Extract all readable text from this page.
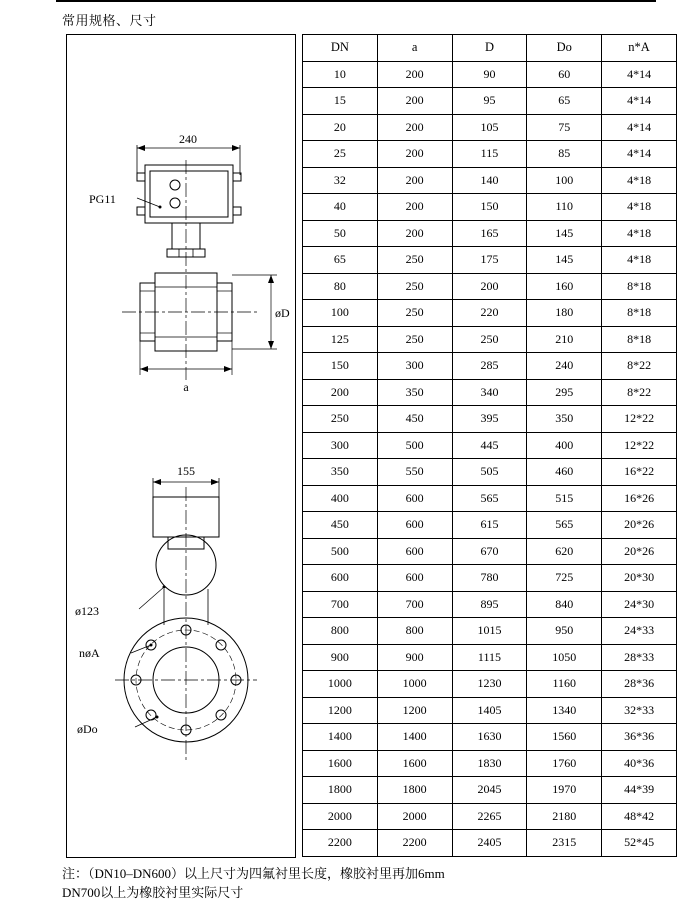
常用规格、尺寸
240
PG11
øD
a
155
ø123
nøA
øDo
DN	a	D	Do	n*A
10	200	90	60	4*14
15	200	95	65	4*14
20	200	105	75	4*14
25	200	115	85	4*14
32	200	140	100	4*18
40	200	150	110	4*18
50	200	165	145	4*18
65	250	175	145	4*18
80	250	200	160	8*18
100	250	220	180	8*18
125	250	250	210	8*18
150	300	285	240	8*22
200	350	340	295	8*22
250	450	395	350	12*22
300	500	445	400	12*22
350	550	505	460	16*22
400	600	565	515	16*26
450	600	615	565	20*26
500	600	670	620	20*26
600	600	780	725	20*30
700	700	895	840	24*30
800	800	1015	950	24*33
900	900	1115	1050	28*33
1000	1000	1230	1160	28*36
1200	1200	1405	1340	32*33
1400	1400	1630	1560	36*36
1600	1600	1830	1760	40*36
1800	1800	2045	1970	44*39
2000	2000	2265	2180	48*42
2200	2200	2405	2315	52*45
注：（DN10–DN600）以上尺寸为四氟衬里长度，橡胶衬里再加6mm
DN700以上为橡胶衬里实际尺寸
